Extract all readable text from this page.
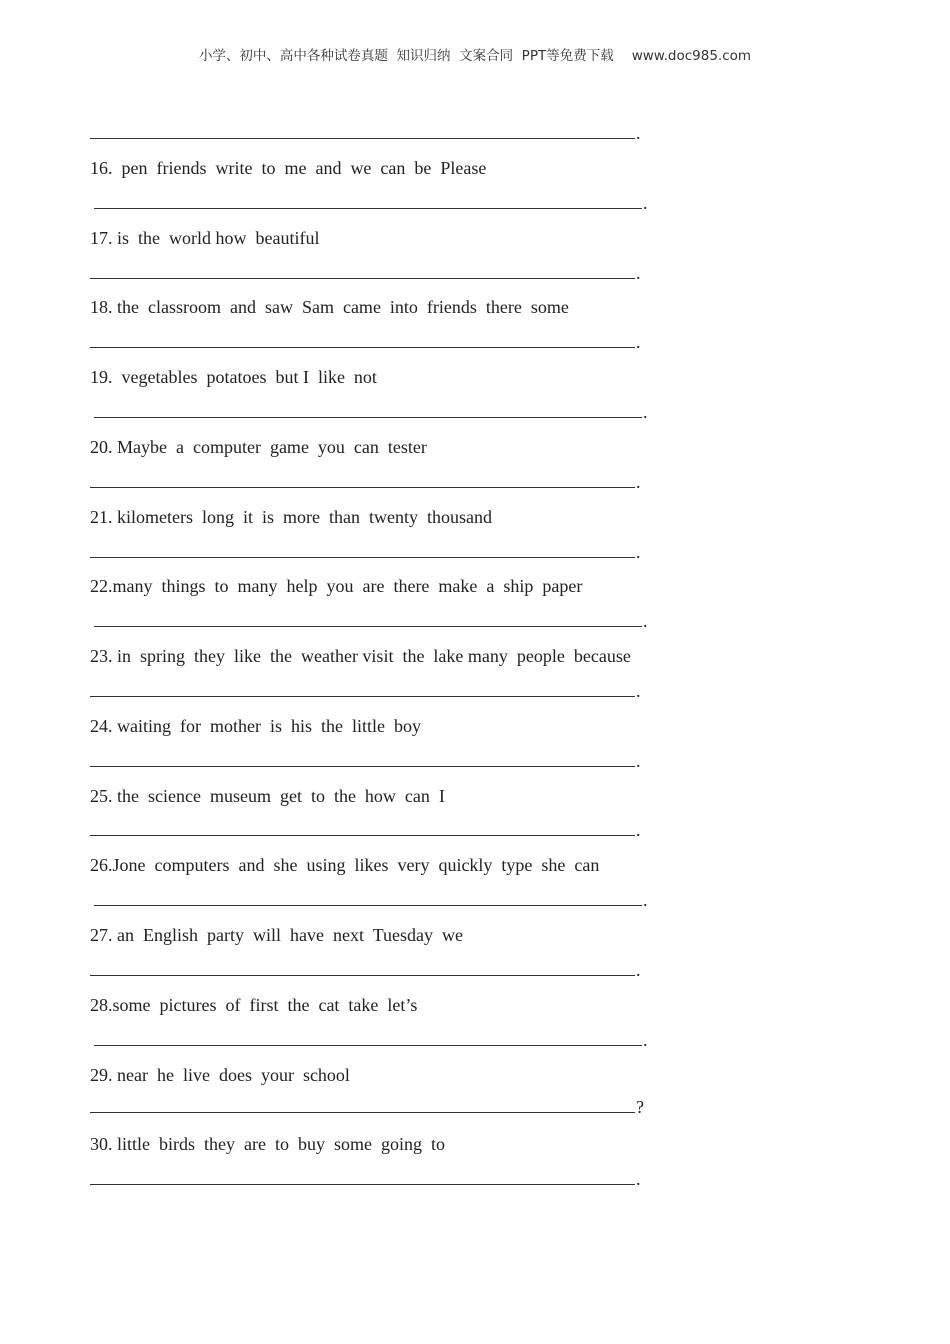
小学、初中、高中各种试卷真题  知识归纳  文案合同  PPT等免费下载 www.doc985.com
.
16.  pen  friends  write  to  me  and  we  can  be  Please
.
17. is  the  world how  beautiful
.
18. the  classroom  and  saw  Sam  came  into  friends  there  some
.
19.  vegetables  potatoes  but I  like  not
.
20. Maybe  a  computer  game  you  can  tester
.
21. kilometers  long  it  is  more  than  twenty  thousand
.
22.many  things  to  many  help  you  are  there  make  a  ship  paper
.
23. in  spring  they  like  the  weather visit  the  lake many  people  because
.
24. waiting  for  mother  is  his  the  little  boy
.
25. the  science  museum  get  to  the  how  can  I
.
26.Jone  computers  and  she  using  likes  very  quickly  type  she  can
.
27. an  English  party  will  have  next  Tuesday  we
.
28.some  pictures  of  first  the  cat  take  let’s
.
29. near  he  live  does  your  school
?
30. little  birds  they  are  to  buy  some  going  to
.
